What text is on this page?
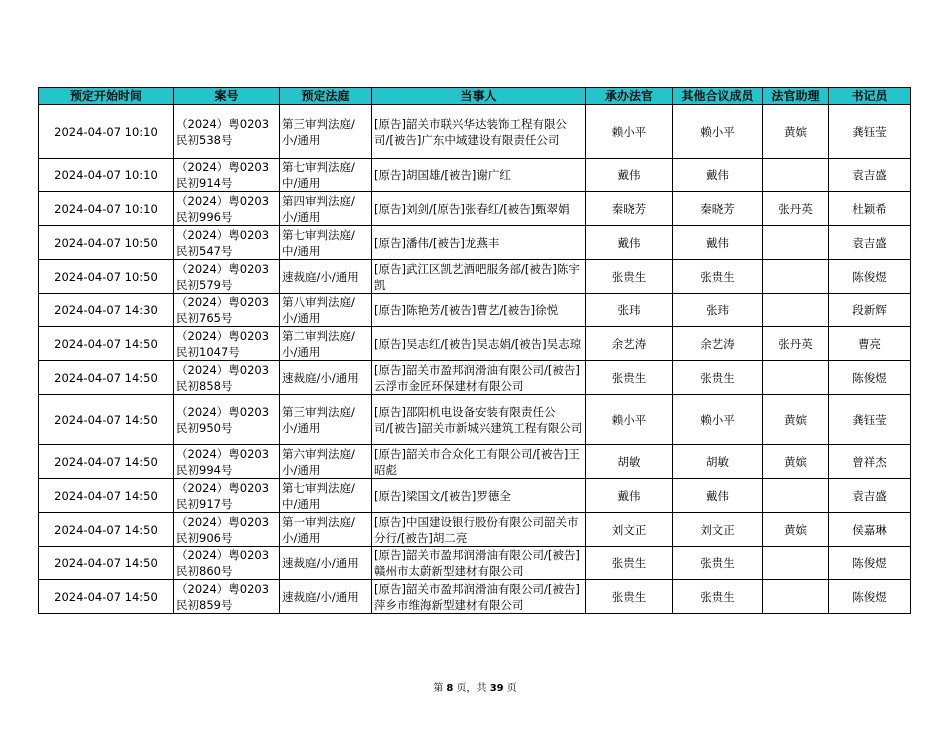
预定开始时间	案号	预定法庭	当事人	承办法官	其他合议成员	法官助理	书记员
2024-04-07 10:10	（2024）粤0203民初538号	第三审判法庭/小/通用	[原告]韶关市联兴华达装饰工程有限公司/[被告]广东中域建设有限责任公司	赖小平	赖小平	黄嫔	龚钰莹
2024-04-07 10:10	（2024）粤0203民初914号	第七审判法庭/中/通用	[原告]胡国雄/[被告]谢广红	戴伟	戴伟		袁吉盛
2024-04-07 10:10	（2024）粤0203民初996号	第四审判法庭/小/通用	[原告]刘剑/[原告]张春红/[被告]甄翠娟	秦晓芳	秦晓芳	张丹英	杜颖希
2024-04-07 10:50	（2024）粤0203民初547号	第七审判法庭/中/通用	[原告]潘伟/[被告]龙燕丰	戴伟	戴伟		袁吉盛
2024-04-07 10:50	（2024）粤0203民初579号	速裁庭/小/通用	[原告]武江区凯艺酒吧服务部/[被告]陈宇凯	张贵生	张贵生		陈俊煜
2024-04-07 14:30	（2024）粤0203民初765号	第八审判法庭/小/通用	[原告]陈艳芳/[被告]曹艺/[被告]徐悦	张玮	张玮		段新辉
2024-04-07 14:50	（2024）粤0203民初1047号	第二审判法庭/小/通用	[原告]吴志红/[被告]吴志娟/[被告]吴志琼	余艺涛	余艺涛	张丹英	曹亮
2024-04-07 14:50	（2024）粤0203民初858号	速裁庭/小/通用	[原告]韶关市盈邦润滑油有限公司/[被告]云浮市金匠环保建材有限公司	张贵生	张贵生		陈俊煜
2024-04-07 14:50	（2024）粤0203民初950号	第三审判法庭/小/通用	[原告]邵阳机电设备安装有限责任公司/[被告]韶关市新城兴建筑工程有限公司	赖小平	赖小平	黄嫔	龚钰莹
2024-04-07 14:50	（2024）粤0203民初994号	第六审判法庭/小/通用	[原告]韶关市合众化工有限公司/[被告]王昭彪	胡敏	胡敏	黄嫔	曾祥杰
2024-04-07 14:50	（2024）粤0203民初917号	第七审判法庭/中/通用	[原告]梁国文/[被告]罗德全	戴伟	戴伟		袁吉盛
2024-04-07 14:50	（2024）粤0203民初906号	第一审判法庭/小/通用	[原告]中国建设银行股份有限公司韶关市分行/[被告]胡二亮	刘文正	刘文正	黄嫔	侯嘉琳
2024-04-07 14:50	（2024）粤0203民初860号	速裁庭/小/通用	[原告]韶关市盈邦润滑油有限公司/[被告]赣州市太蔚新型建材有限公司	张贵生	张贵生		陈俊煜
2024-04-07 14:50	（2024）粤0203民初859号	速裁庭/小/通用	[原告]韶关市盈邦润滑油有限公司/[被告]萍乡市维海新型建材有限公司	张贵生	张贵生		陈俊煜
第 8 页，共 39 页
